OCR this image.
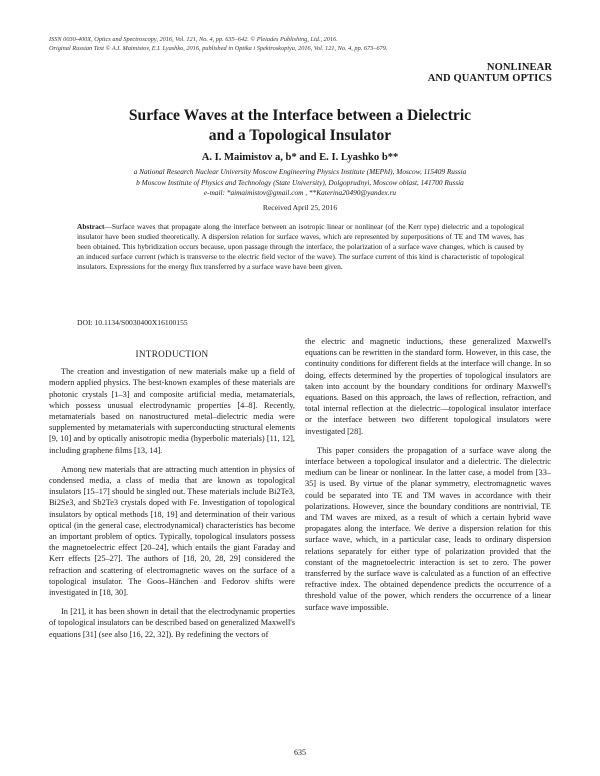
ISSN 0030-400X, Optics and Spectroscopy, 2016, Vol. 121, No. 4, pp. 635–642. © Pleiades Publishing, Ltd., 2016.
Original Russian Text © A.I. Maimistov, E.I. Lyashko, 2016, published in Optika i Spektroskopiya, 2016, Vol. 121, No. 4, pp. 673–679.
NONLINEAR
AND QUANTUM OPTICS
Surface Waves at the Interface between a Dielectric
and a Topological Insulator
A. I. Maimistov a, b* and E. I. Lyashko b**
a National Research Nuclear University Moscow Engineering Physics Institute (MEPhI), Moscow, 115409 Russia
b Moscow Institute of Physics and Technology (State University), Dolgoprudnyi, Moscow oblast, 141700 Russia
e-mail: *aimaimistov@gmail.com , **Katerina20490@yandex.ru
Received April 25, 2016
Abstract—Surface waves that propagate along the interface between an isotropic linear or nonlinear (of the Kerr type) dielectric and a topological insulator have been studied theoretically. A dispersion relation for surface waves, which are represented by superpositions of TE and TM waves, has been obtained. This hybridization occurs because, upon passage through the interface, the polarization of a surface wave changes, which is caused by an induced surface current (which is transverse to the electric field vector of the wave). The surface current of this kind is characteristic of topological insulators. Expressions for the energy flux transferred by a surface wave have been given.
DOI: 10.1134/S0030400X16100155
INTRODUCTION

The creation and investigation of new materials make up a field of modern applied physics. The best-known examples of these materials are photonic crystals [1–3] and composite artificial media, metamaterials, which possess unusual electrodynamic properties [4–8]. Recently, metamaterials based on nanostructured metal–dielectric media were supplemented by metamaterials with superconducting structural elements [9, 10] and by optically anisotropic media (hyperbolic materials) [11, 12], including graphene films [13, 14].

Among new materials that are attracting much attention in physics of condensed media, a class of media that are known as topological insulators [15–17] should be singled out. These materials include Bi2Te3, Bi2Se3, and Sb2Te3 crystals doped with Fe. Investigation of topological insulators by optical methods [18, 19] and determination of their various optical (in the general case, electrodynamical) characteristics has become an important problem of optics. Typically, topological insulators possess the magnetoelectric effect [20–24], which entails the giant Faraday and Kerr effects [25–27]. The authors of [18, 20, 28, 29] considered the refraction and scattering of electromagnetic waves on the surface of a topological insulator. The Goos–Hänchen and Fedorov shifts were investigated in [18, 30].

In [21], it has been shown in detail that the electrodynamic properties of topological insulators can be described based on generalized Maxwell's equations [31] (see also [16, 22, 32]). By redefining the vectors of

the electric and magnetic inductions, these generalized Maxwell's equations can be rewritten in the standard form. However, in this case, the continuity conditions for different fields at the interface will change. In so doing, effects determined by the properties of topological insulators are taken into account by the boundary conditions for ordinary Maxwell's equations. Based on this approach, the laws of reflection, refraction, and total internal reflection at the dielectric—topological insulator interface or the interface between two different topological insulators were investigated [28].

This paper considers the propagation of a surface wave along the interface between a topological insulator and a dielectric. The dielectric medium can be linear or nonlinear. In the latter case, a model from [33–35] is used. By virtue of the planar symmetry, electromagnetic waves could be separated into TE and TM waves in accordance with their polarizations. However, since the boundary conditions are nontrivial, TE and TM waves are mixed, as a result of which a certain hybrid wave propagates along the interface. We derive a dispersion relation for this surface wave, which, in a particular case, leads to ordinary dispersion relations separately for either type of polarization provided that the constant of the magnetoelectric interaction is set to zero. The power transferred by the surface wave is calculated as a function of an effective refractive index. The obtained dependence predicts the occurrence of a threshold value of the power, which renders the occurrence of a linear surface wave impossible.

635
